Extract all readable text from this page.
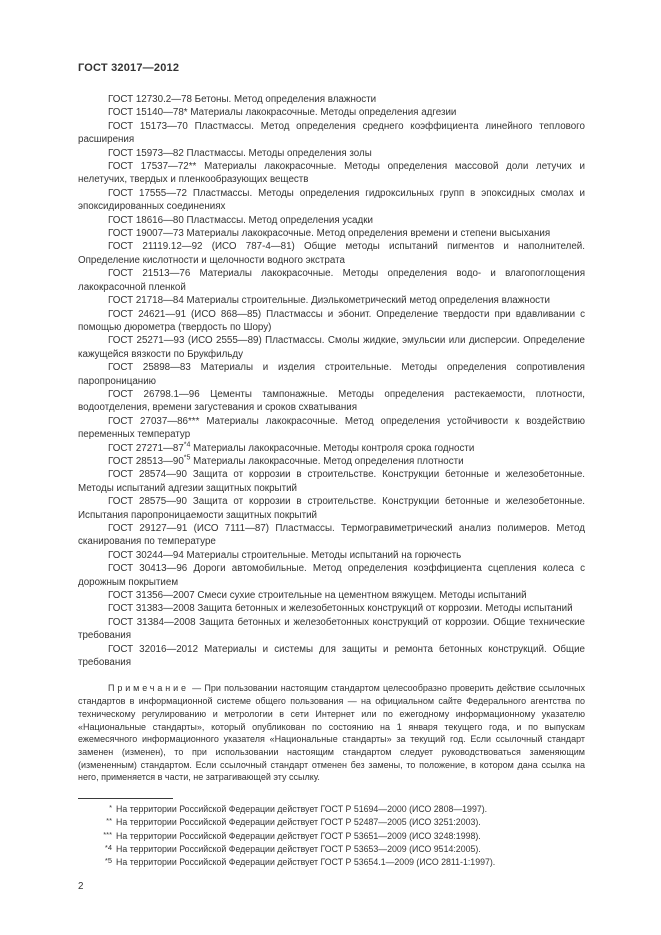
ГОСТ 32017—2012

ГОСТ 12730.2—78 Бетоны. Метод определения влажности

ГОСТ 15140—78* Материалы лакокрасочные. Методы определения адгезии

ГОСТ 15173—70 Пластмассы. Метод определения среднего коэффициента линейного теплового расширения

ГОСТ 15973—82 Пластмассы. Методы определения золы

ГОСТ 17537—72** Материалы лакокрасочные. Методы определения массовой доли летучих и нелетучих, твердых и пленкообразующих веществ

ГОСТ 17555—72 Пластмассы. Методы определения гидроксильных групп в эпоксидных смолах и эпоксидированных соединениях

ГОСТ 18616—80 Пластмассы. Метод определения усадки

ГОСТ 19007—73 Материалы лакокрасочные. Метод определения времени и степени высыхания

ГОСТ 21119.12—92 (ИСО 787-4—81) Общие методы испытаний пигментов и наполнителей. Определение кислотности и щелочности водного экстрата

ГОСТ 21513—76 Материалы лакокрасочные. Методы определения водо- и влагопоглощения лакокрасочной пленкой

ГОСТ 21718—84 Материалы строительные. Диэлькометрический метод определения влажности

ГОСТ 24621—91 (ИСО 868—85) Пластмассы и эбонит. Определение твердости при вдавливании с помощью дюрометра (твердость по Шору)

ГОСТ 25271—93 (ИСО 2555—89) Пластмассы. Смолы жидкие, эмульсии или дисперсии. Определение кажущейся вязкости по Брукфильду

ГОСТ 25898—83 Материалы и изделия строительные. Методы определения сопротивления паропроницанию

ГОСТ 26798.1—96 Цементы тампонажные. Методы определения растекаемости, плотности, водоотделения, времени загустевания и сроков схватывания

ГОСТ 27037—86*** Материалы лакокрасочные. Метод определения устойчивости к воздействию переменных температур

ГОСТ 27271—87$^{*4}$ Материалы лакокрасочные. Методы контроля срока годности

ГОСТ 28513—90$^{*5}$ Материалы лакокрасочные. Метод определения плотности

ГОСТ 28574—90 Защита от коррозии в строительстве. Конструкции бетонные и железобетонные. Методы испытаний адгезии защитных покрытий

ГОСТ 28575—90 Защита от коррозии в строительстве. Конструкции бетонные и железобетонные. Испытания паропроницаемости защитных покрытий

ГОСТ 29127—91 (ИСО 7111—87) Пластмассы. Термогравиметрический анализ полимеров. Метод сканирования по температуре

ГОСТ 30244—94 Материалы строительные. Методы испытаний на горючесть

ГОСТ 30413—96 Дороги автомобильные. Метод определения коэффициента сцепления колеса с дорожным покрытием

ГОСТ 31356—2007 Смеси сухие строительные на цементном вяжущем. Методы испытаний

ГОСТ 31383—2008 Защита бетонных и железобетонных конструкций от коррозии. Методы испытаний

ГОСТ 31384—2008 Защита бетонных и железобетонных конструкций от коррозии. Общие технические требования

ГОСТ 32016—2012 Материалы и системы для защиты и ремонта бетонных конструкций. Общие требования

Примечание — При пользовании настоящим стандартом целесообразно проверить действие ссылочных стандартов в информационной системе общего пользования — на официальном сайте Федерального агентства по техническому регулированию и метрологии в сети Интернет или по ежегодному информационному указателю «Национальные стандарты», который опубликован по состоянию на 1 января текущего года, и по выпускам ежемесячного информационного указателя «Национальные стандарты» за текущий год. Если ссылочный стандарт заменен (изменен), то при использовании настоящим стандартом следует руководствоваться заменяющим (измененным) стандартом. Если ссылочный стандарт отменен без замены, то положение, в котором дана ссылка на него, применяется в части, не затрагивающей эту ссылку.

* На территории Российской Федерации действует ГОСТ Р 51694—2000 (ИСО 2808—1997).

** На территории Российской Федерации действует ГОСТ Р 52487—2005 (ИСО 3251:2003).

*** На территории Российской Федерации действует ГОСТ Р 53651—2009 (ИСО 3248:1998).

*4 На территории Российской Федерации действует ГОСТ Р 53653—2009 (ИСО 9514:2005).

*5 На территории Российской Федерации действует ГОСТ Р 53654.1—2009 (ИСО 2811-1:1997).

2
